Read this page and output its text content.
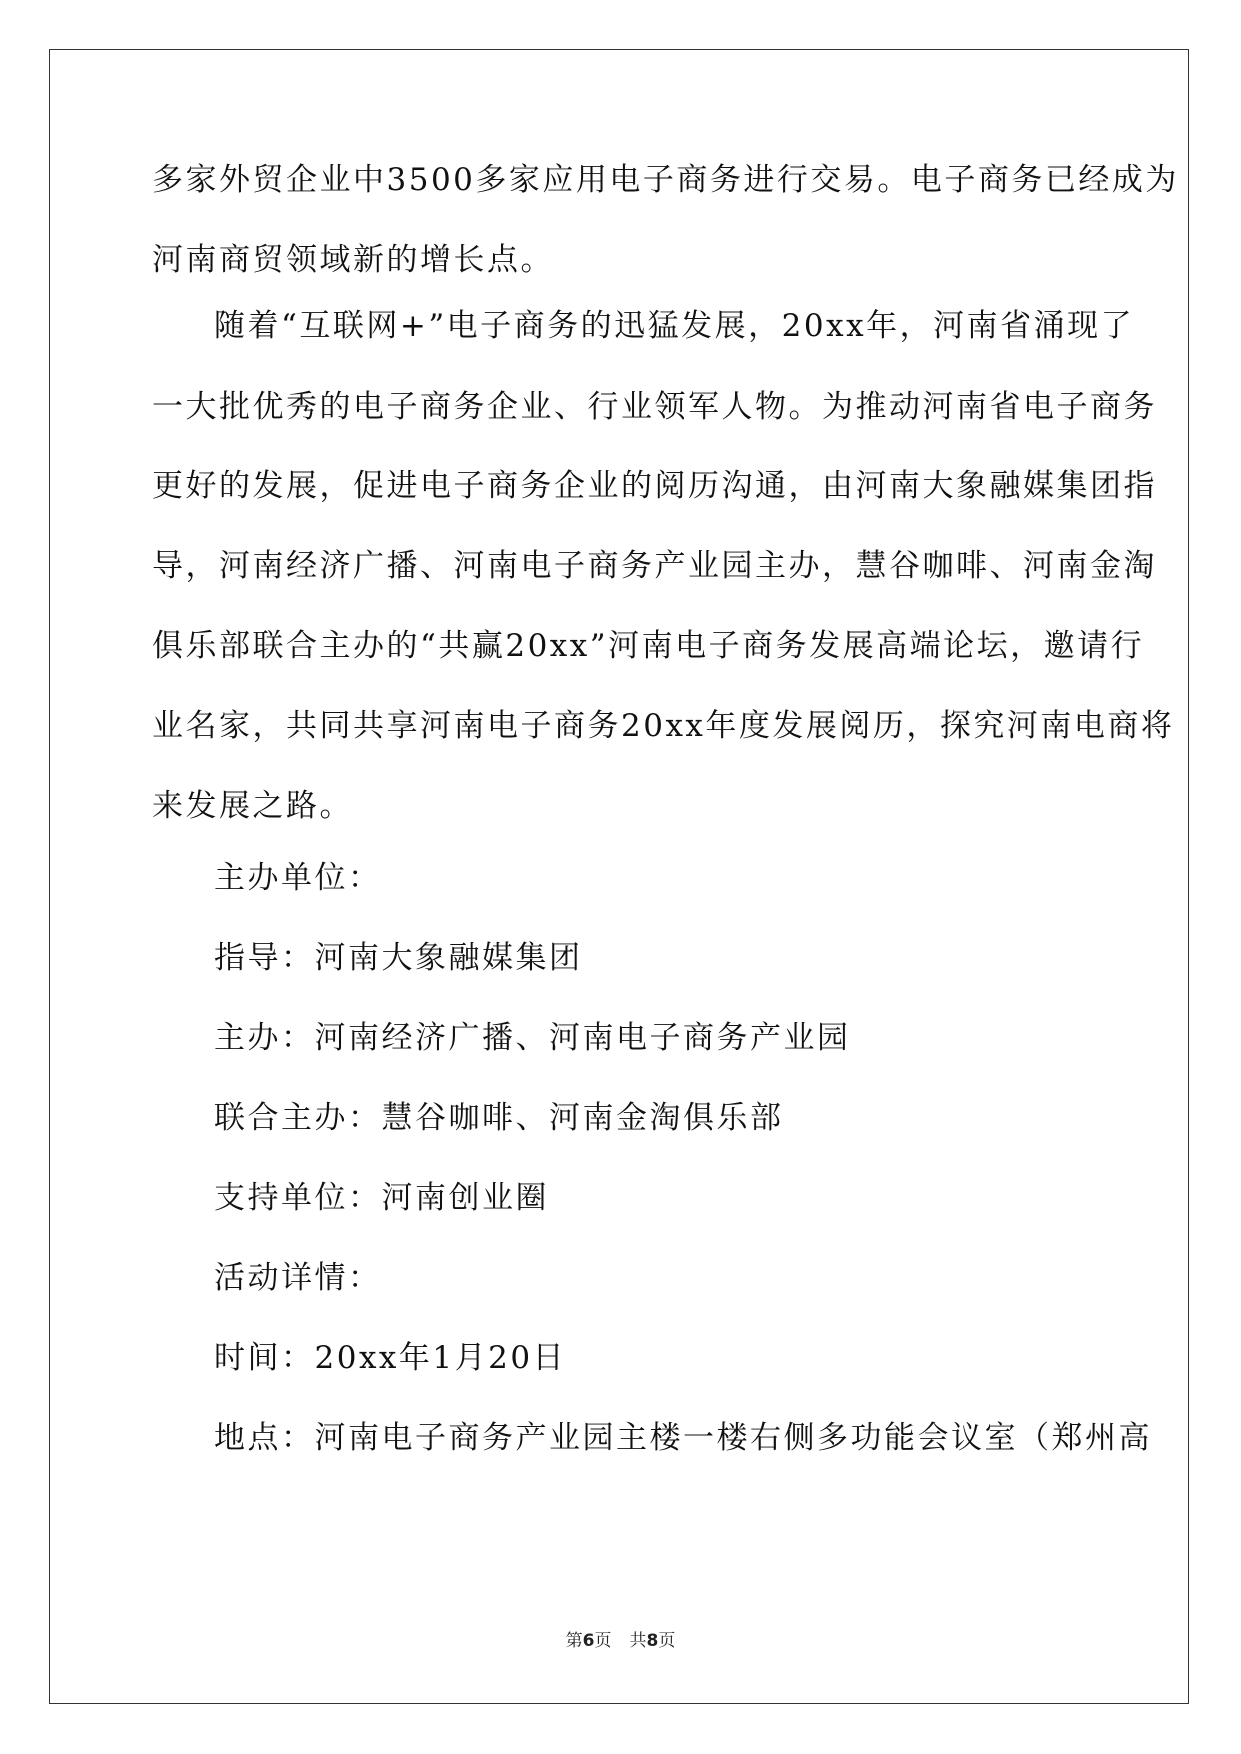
多家外贸企业中3500多家应用电子商务进行交易。电子商务已经成为
河南商贸领域新的增长点。
随着“互联网+”电子商务的迅猛发展，20xx年，河南省涌现了
一大批优秀的电子商务企业、行业领军人物。为推动河南省电子商务
更好的发展，促进电子商务企业的阅历沟通，由河南大象融媒集团指
导，河南经济广播、河南电子商务产业园主办，慧谷咖啡、河南金淘
俱乐部联合主办的“共赢20xx”河南电子商务发展高端论坛，邀请行
业名家，共同共享河南电子商务20xx年度发展阅历，探究河南电商将
来发展之路。
主办单位：
指导：河南大象融媒集团
主办：河南经济广播、河南电子商务产业园
联合主办：慧谷咖啡、河南金淘俱乐部
支持单位：河南创业圈
活动详情：
时间：20xx年1月20日
地点：河南电子商务产业园主楼一楼右侧多功能会议室（郑州高
第6页 共8页
